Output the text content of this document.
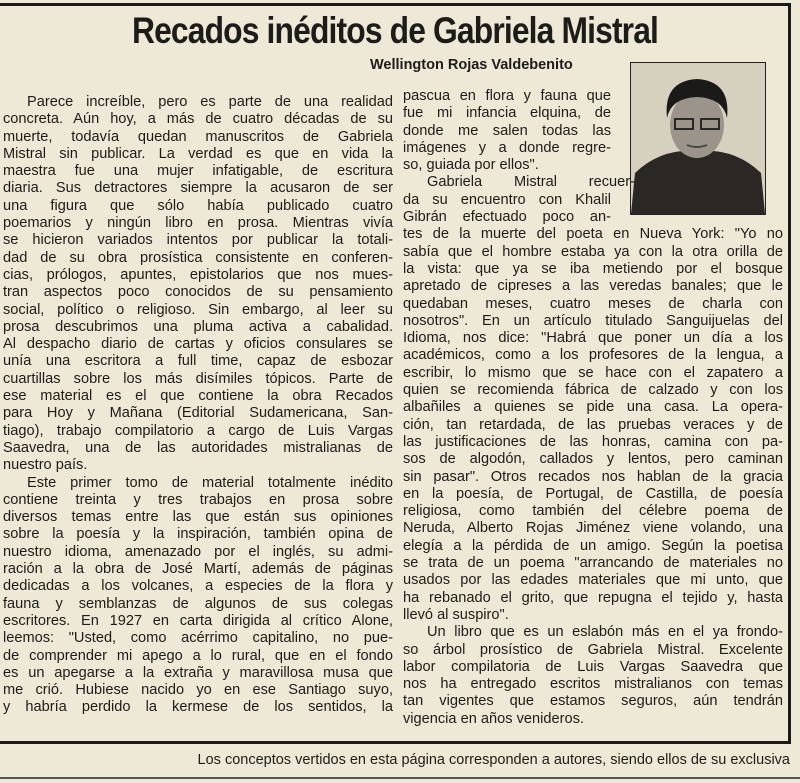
Recados inéditos de Gabriela Mistral
Wellington Rojas Valdebenito
Parece increíble, pero es parte de una realidad
concreta. Aún hoy, a más de cuatro décadas de su
muerte, todavía quedan manuscritos de Gabriela
Mistral sin publicar. La verdad es que en vida la
maestra fue una mujer infatigable, de escritura
diaria. Sus detractores siempre la acusaron de ser
una figura que sólo había publicado cuatro
poemarios y ningún libro en prosa. Mientras vivía
se hicieron variados intentos por publicar la totali-
dad de su obra prosística consistente en conferen-
cias, prólogos, apuntes, epistolarios que nos mues-
tran aspectos poco conocidos de su pensamiento
social, político o religioso. Sin embargo, al leer su
prosa descubrimos una pluma activa a cabalidad.
Al despacho diario de cartas y oficios consulares se
unía una escritora a full time, capaz de esbozar
cuartillas sobre los más disímiles tópicos. Parte de
ese material es el que contiene la obra Recados
para Hoy y Mañana (Editorial Sudamericana, San-
tiago), trabajo compilatorio a cargo de Luis Vargas
Saavedra, una de las autoridades mistralianas de
nuestro país.
Este primer tomo de material totalmente inédito
contiene treinta y tres trabajos en prosa sobre
diversos temas entre las que están sus opiniones
sobre la poesía y la inspiración, también opina de
nuestro idioma, amenazado por el inglés, su admi-
ración a la obra de José Martí, además de páginas
dedicadas a los volcanes, a especies de la flora y
fauna y semblanzas de algunos de sus colegas
escritores. En 1927 en carta dirigida al crítico Alone,
leemos: "Usted, como acérrimo capitalino, no pue-
de comprender mi apego a lo rural, que en el fondo
es un apegarse a la extraña y maravillosa musa que
me crió. Hubiese nacido yo en ese Santiago suyo,
y habría perdido la kermese de los sentidos, la
pascua en flora y fauna que
fue mi infancia elquina, de
donde me salen todas las
imágenes y a donde regre-
so, guiada por ellos".
Gabriela Mistral recuer-
da su encuentro con Khalil
Gibrán efectuado poco an-
tes de la muerte del poeta en Nueva York: "Yo no
sabía que el hombre estaba ya con la otra orilla de
la vista: que ya se iba metiendo por el bosque
apretado de cipreses a las veredas banales; que le
quedaban meses, cuatro meses de charla con
nosotros". En un artículo titulado Sanguijuelas del
Idioma, nos dice: "Habrá que poner un día a los
académicos, como a los profesores de la lengua, a
escribir, lo mismo que se hace con el zapatero a
quien se recomienda fábrica de calzado y con los
albañiles a quienes se pide una casa. La opera-
ción, tan retardada, de las pruebas veraces y de
las justificaciones de las honras, camina con pa-
sos de algodón, callados y lentos, pero caminan
sin pasar". Otros recados nos hablan de la gracia
en la poesía, de Portugal, de Castilla, de poesía
religiosa, como también del célebre poema de
Neruda, Alberto Rojas Jiménez viene volando, una
elegía a la pérdida de un amigo. Según la poetisa
se trata de un poema "arrancando de materiales no
usados por las edades materiales que mi unto, que
ha rebanado el grito, que repugna el tejido y, hasta
llevó al suspiro".
Un libro que es un eslabón más en el ya frondo-
so árbol prosístico de Gabriela Mistral. Excelente
labor compilatoria de Luis Vargas Saavedra que
nos ha entregado escritos mistralianos con temas
tan vigentes que estamos seguros, aún tendrán
vigencia en años venideros.
Los conceptos vertidos en esta página corresponden a autores, siendo ellos de su exclusiva
